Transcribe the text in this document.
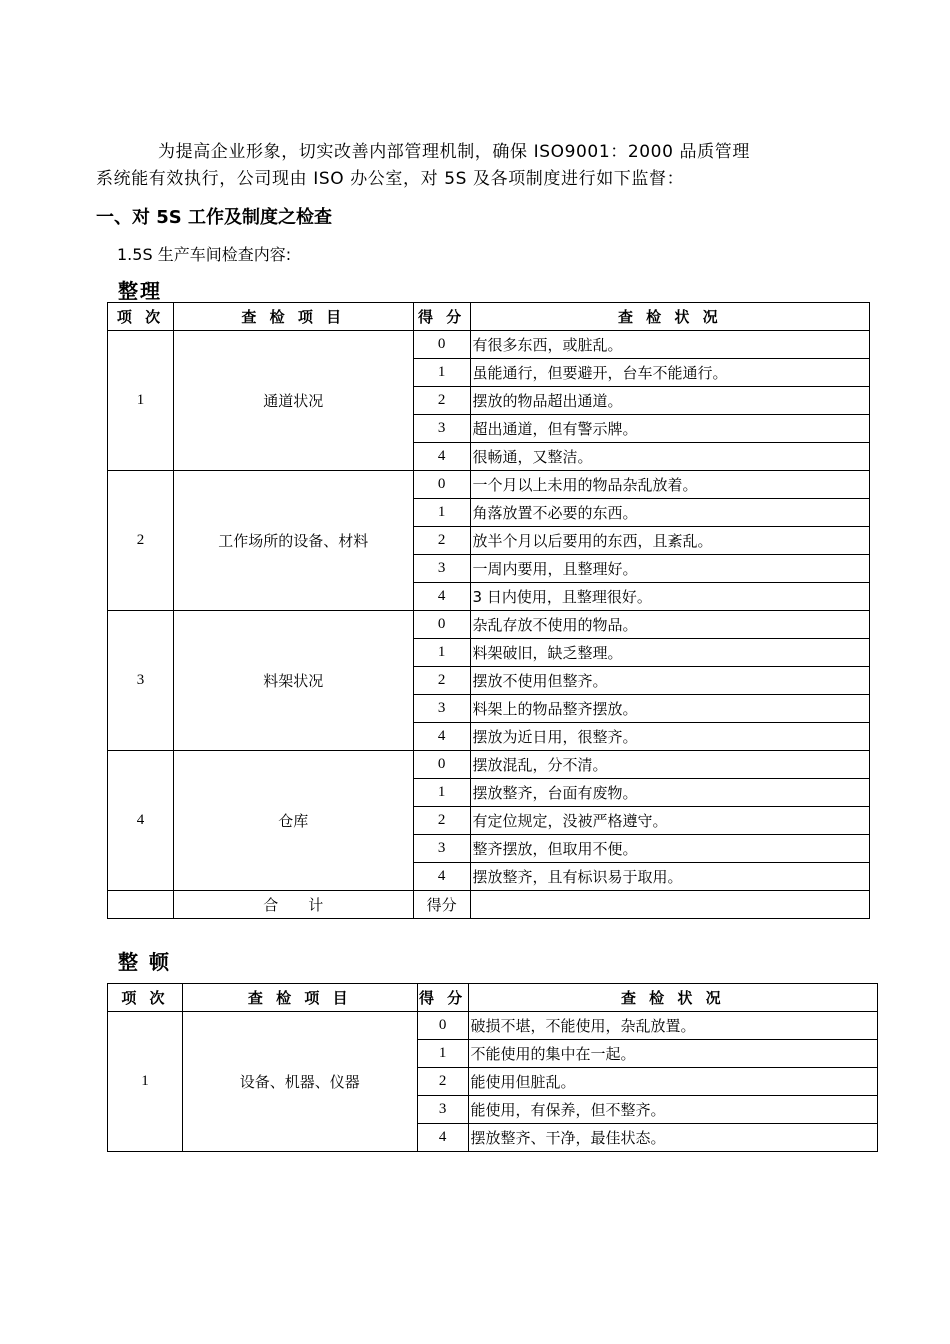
为提高企业形象，切实改善内部管理机制，确保 ISO9001：2000 品质管理

系统能有效执行，公司现由 ISO 办公室，对 5S 及各项制度进行如下监督：

一、对 5S 工作及制度之检查
1.5S 生产车间检查内容:
整理
项 次	查 检 项 目	得 分	查 检 状 况
1	通道状况	0	有很多东西，或脏乱。
		1	虽能通行，但要避开，台车不能通行。
		2	摆放的物品超出通道。
		3	超出通道，但有警示牌。
		4	很畅通，又整洁。
2	工作场所的设备、材料	0	一个月以上未用的物品杂乱放着。
		1	角落放置不必要的东西。
		2	放半个月以后要用的东西，且紊乱。
		3	一周内要用，且整理好。
		4	3 日内使用，且整理很好。
3	料架状况	0	杂乱存放不使用的物品。
		1	料架破旧，缺乏整理。
		2	摆放不使用但整齐。
		3	料架上的物品整齐摆放。
		4	摆放为近日用，很整齐。
4	仓库	0	摆放混乱，分不清。
		1	摆放整齐，台面有废物。
		2	有定位规定，没被严格遵守。
		3	整齐摆放，但取用不便。
		4	摆放整齐，且有标识易于取用。
	合　　计	得分	
整 顿
项 次	查 检 项 目	得 分	查 检 状 况
1	设备、机器、仪器	0	破损不堪，不能使用，杂乱放置。
		1	不能使用的集中在一起。
		2	能使用但脏乱。
		3	能使用，有保养，但不整齐。
		4	摆放整齐、干净，最佳状态。
